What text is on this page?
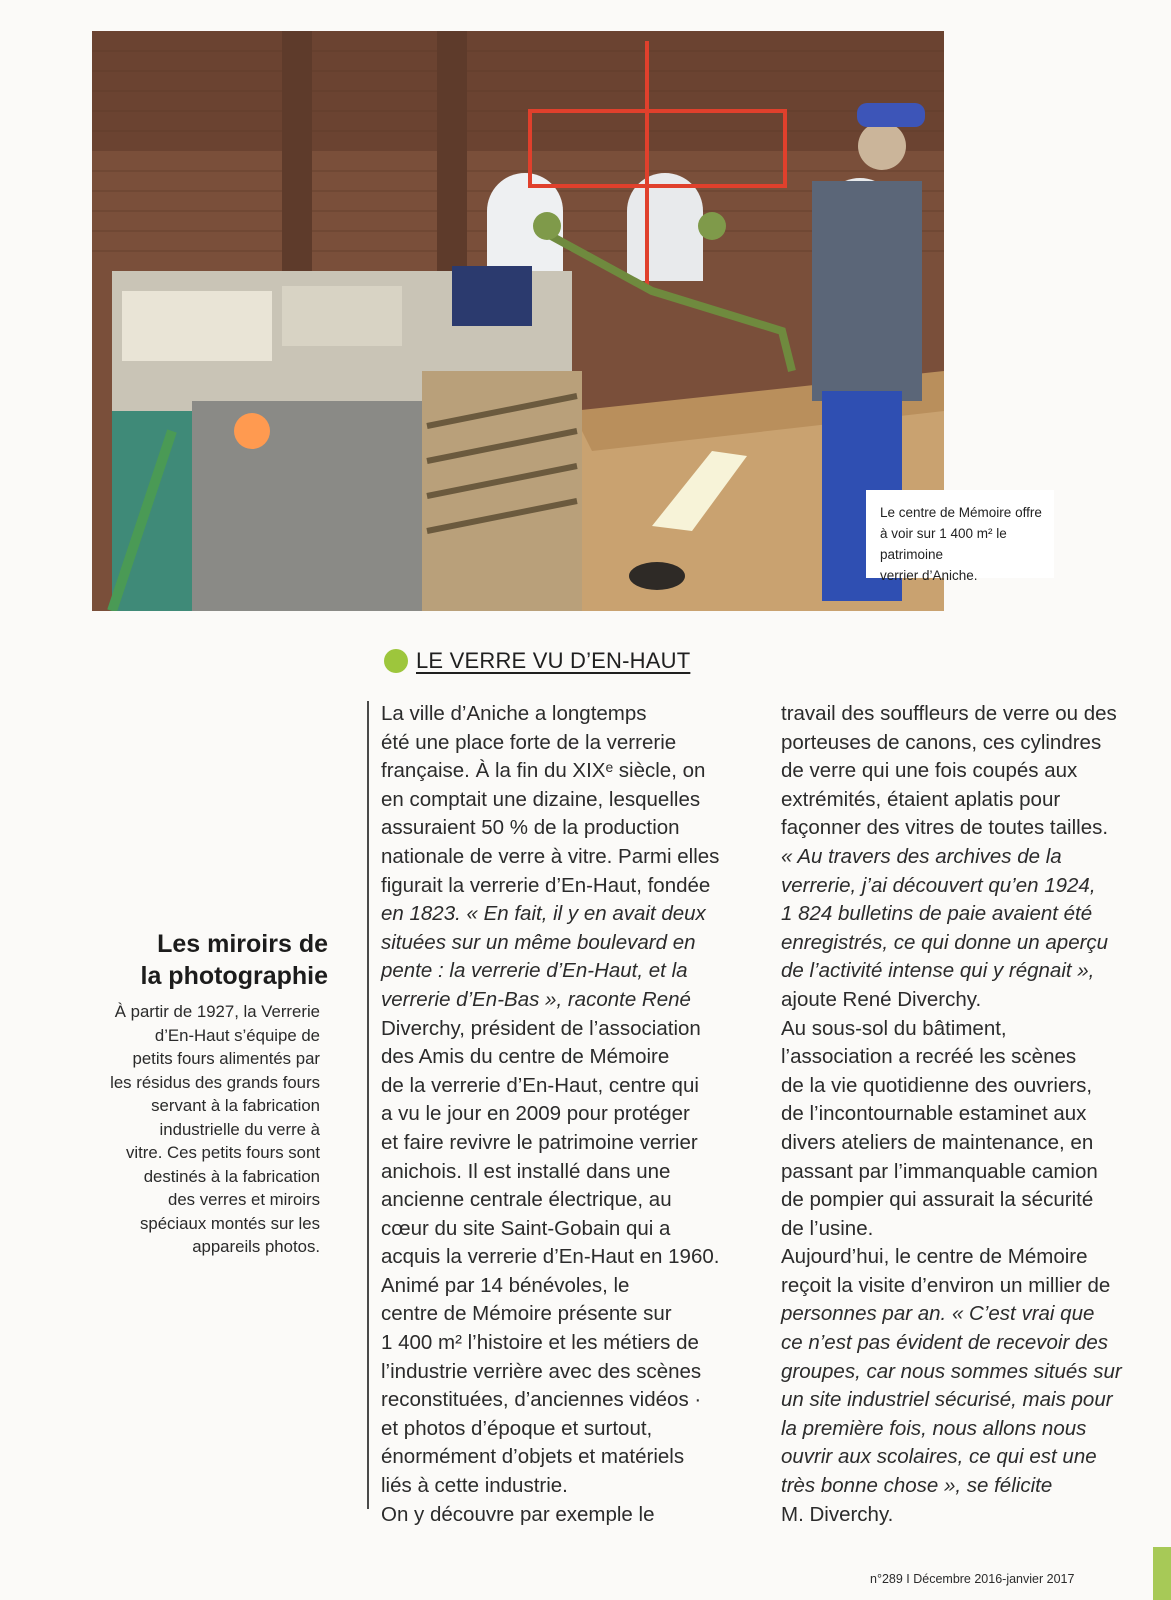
Le centre de Mémoire offre
à voir sur 1 400 m² le patrimoine
verrier d’Aniche.
LE VERRE VU D’EN-HAUT
Les miroirs de
la photographie
À partir de 1927, la Verrerie
d’En-Haut s’équipe de
petits fours alimentés par
les résidus des grands fours
servant à la fabrication
industrielle du verre à
vitre. Ces petits fours sont
destinés à la fabrication
des verres et miroirs
spéciaux montés sur les
appareils photos.
La ville d’Aniche a longtemps
été une place forte de la verrerie
française. À la fin du XIXᵉ siècle, on
en comptait une dizaine, lesquelles
assuraient 50 % de la production
nationale de verre à vitre. Parmi elles
figurait la verrerie d’En-Haut, fondée
en 1823. « En fait, il y en avait deux
situées sur un même boulevard en
pente : la verrerie d’En-Haut, et la
verrerie d’En-Bas », raconte René
Diverchy, président de l’association
des Amis du centre de Mémoire
de la verrerie d’En-Haut, centre qui
a vu le jour en 2009 pour protéger
et faire revivre le patrimoine verrier
anichois. Il est installé dans une
ancienne centrale électrique, au
cœur du site Saint-Gobain qui a
acquis la verrerie d’En-Haut en 1960.
Animé par 14 bénévoles, le
centre de Mémoire présente sur
1 400 m² l’histoire et les métiers de
l’industrie verrière avec des scènes
reconstituées, d’anciennes vidéos ·
et photos d’époque et surtout,
énormément d’objets et matériels
liés à cette industrie.
On y découvre par exemple le
travail des souffleurs de verre ou des
porteuses de canons, ces cylindres
de verre qui une fois coupés aux
extrémités, étaient aplatis pour
façonner des vitres de toutes tailles.
« Au travers des archives de la
verrerie, j’ai découvert qu’en 1924,
1 824 bulletins de paie avaient été
enregistrés, ce qui donne un aperçu
de l’activité intense qui y régnait »,
ajoute René Diverchy.
Au sous-sol du bâtiment,
l’association a recréé les scènes
de la vie quotidienne des ouvriers,
de l’incontournable estaminet aux
divers ateliers de maintenance, en
passant par l’immanquable camion
de pompier qui assurait la sécurité
de l’usine.
Aujourd’hui, le centre de Mémoire
reçoit la visite d’environ un millier de
personnes par an. « C’est vrai que
ce n’est pas évident de recevoir des
groupes, car nous sommes situés sur
un site industriel sécurisé, mais pour
la première fois, nous allons nous
ouvrir aux scolaires, ce qui est une
très bonne chose », se félicite
M. Diverchy.
n°289 I Décembre 2016-janvier 2017
